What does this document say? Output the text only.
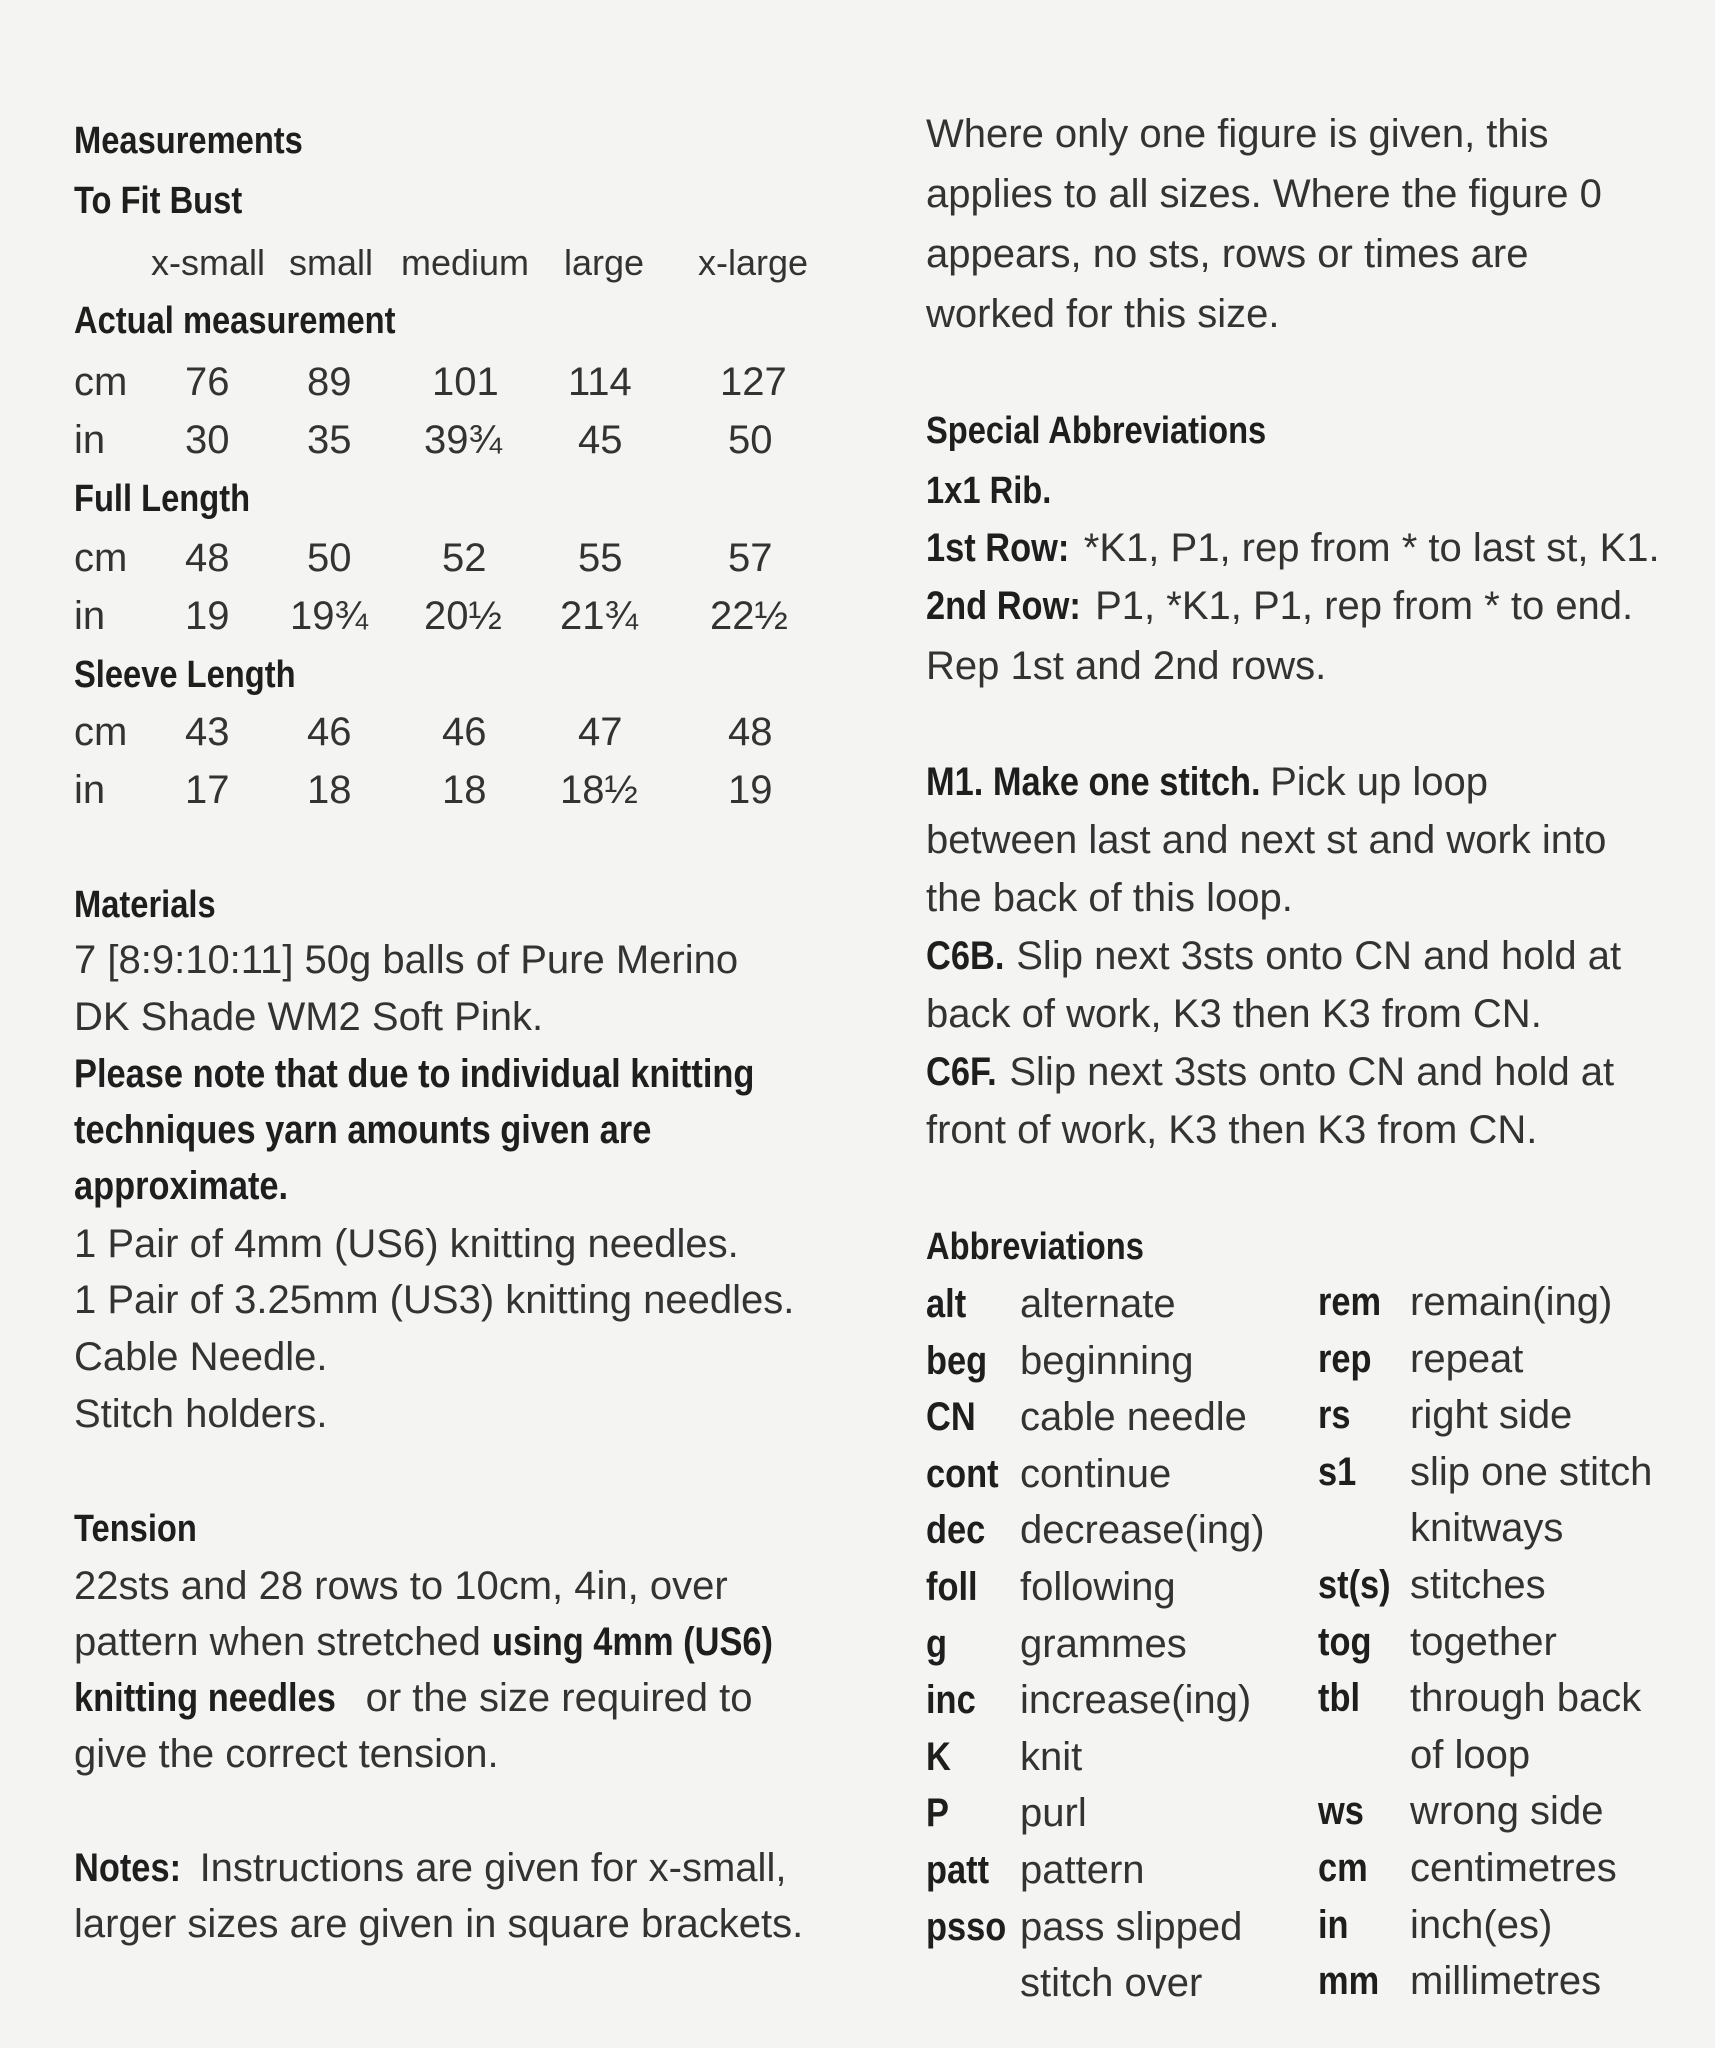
Measurements
To Fit Bust
x-small small medium large x-large
Actual measurement
cm 76 89 101 114 127
in 30 35 39¾ 45	50
Full Length
cm 48 50 52 55	57
in 19 19¾ 20½ 21¾ 22½
Sleeve Length
cm 43 46 46 47	48
in 17 18 18 18½ 19
Materials
7 [8:9:10:11] 50g balls of Pure Merino
DK Shade WM2 Soft Pink.
Please note that due to individual knitting
techniques yarn amounts given are
approximate.
1 Pair of 4mm (US6) knitting needles.
1 Pair of 3.25mm (US3) knitting needles.
Cable Needle.
Stitch holders.
Tension
22sts and 28 rows to 10cm, 4in, over
pattern when stretched using 4mm (US6)
knitting needles or the size required to
give the correct tension.
Notes: Instructions are given for x-small,
larger sizes are given in square brackets.
Where only one figure is given, this
applies to all sizes. Where the figure 0
appears, no sts, rows or times are
worked for this size.
Special Abbreviations
1x1 Rib.
1st Row: *K1, P1, rep from * to last st, K1.
2nd Row: P1, *K1, P1, rep from * to end.
Rep 1st and 2nd rows.
M1. Make one stitch. Pick up loop
between last and next st and work into
the back of this loop.
C6B. Slip next 3sts onto CN and hold at
back of work, K3 then K3 from CN.
C6F. Slip next 3sts onto CN and hold at
front of work, K3 then K3 from CN.
Abbreviations
alt alternate
beg beginning
CN cable needle
cont continue
dec decrease(ing)
foll following
g grammes
inc increase(ing)
K knit
P purl
patt pattern
psso pass slipped
stitch over
rem remain(ing)
rep repeat
rs right side
s1 slip one stitch
knitways
st(s) stitches
tog together
tbl through back
of loop
ws wrong side
cm centimetres
in inch(es)
mm millimetres
